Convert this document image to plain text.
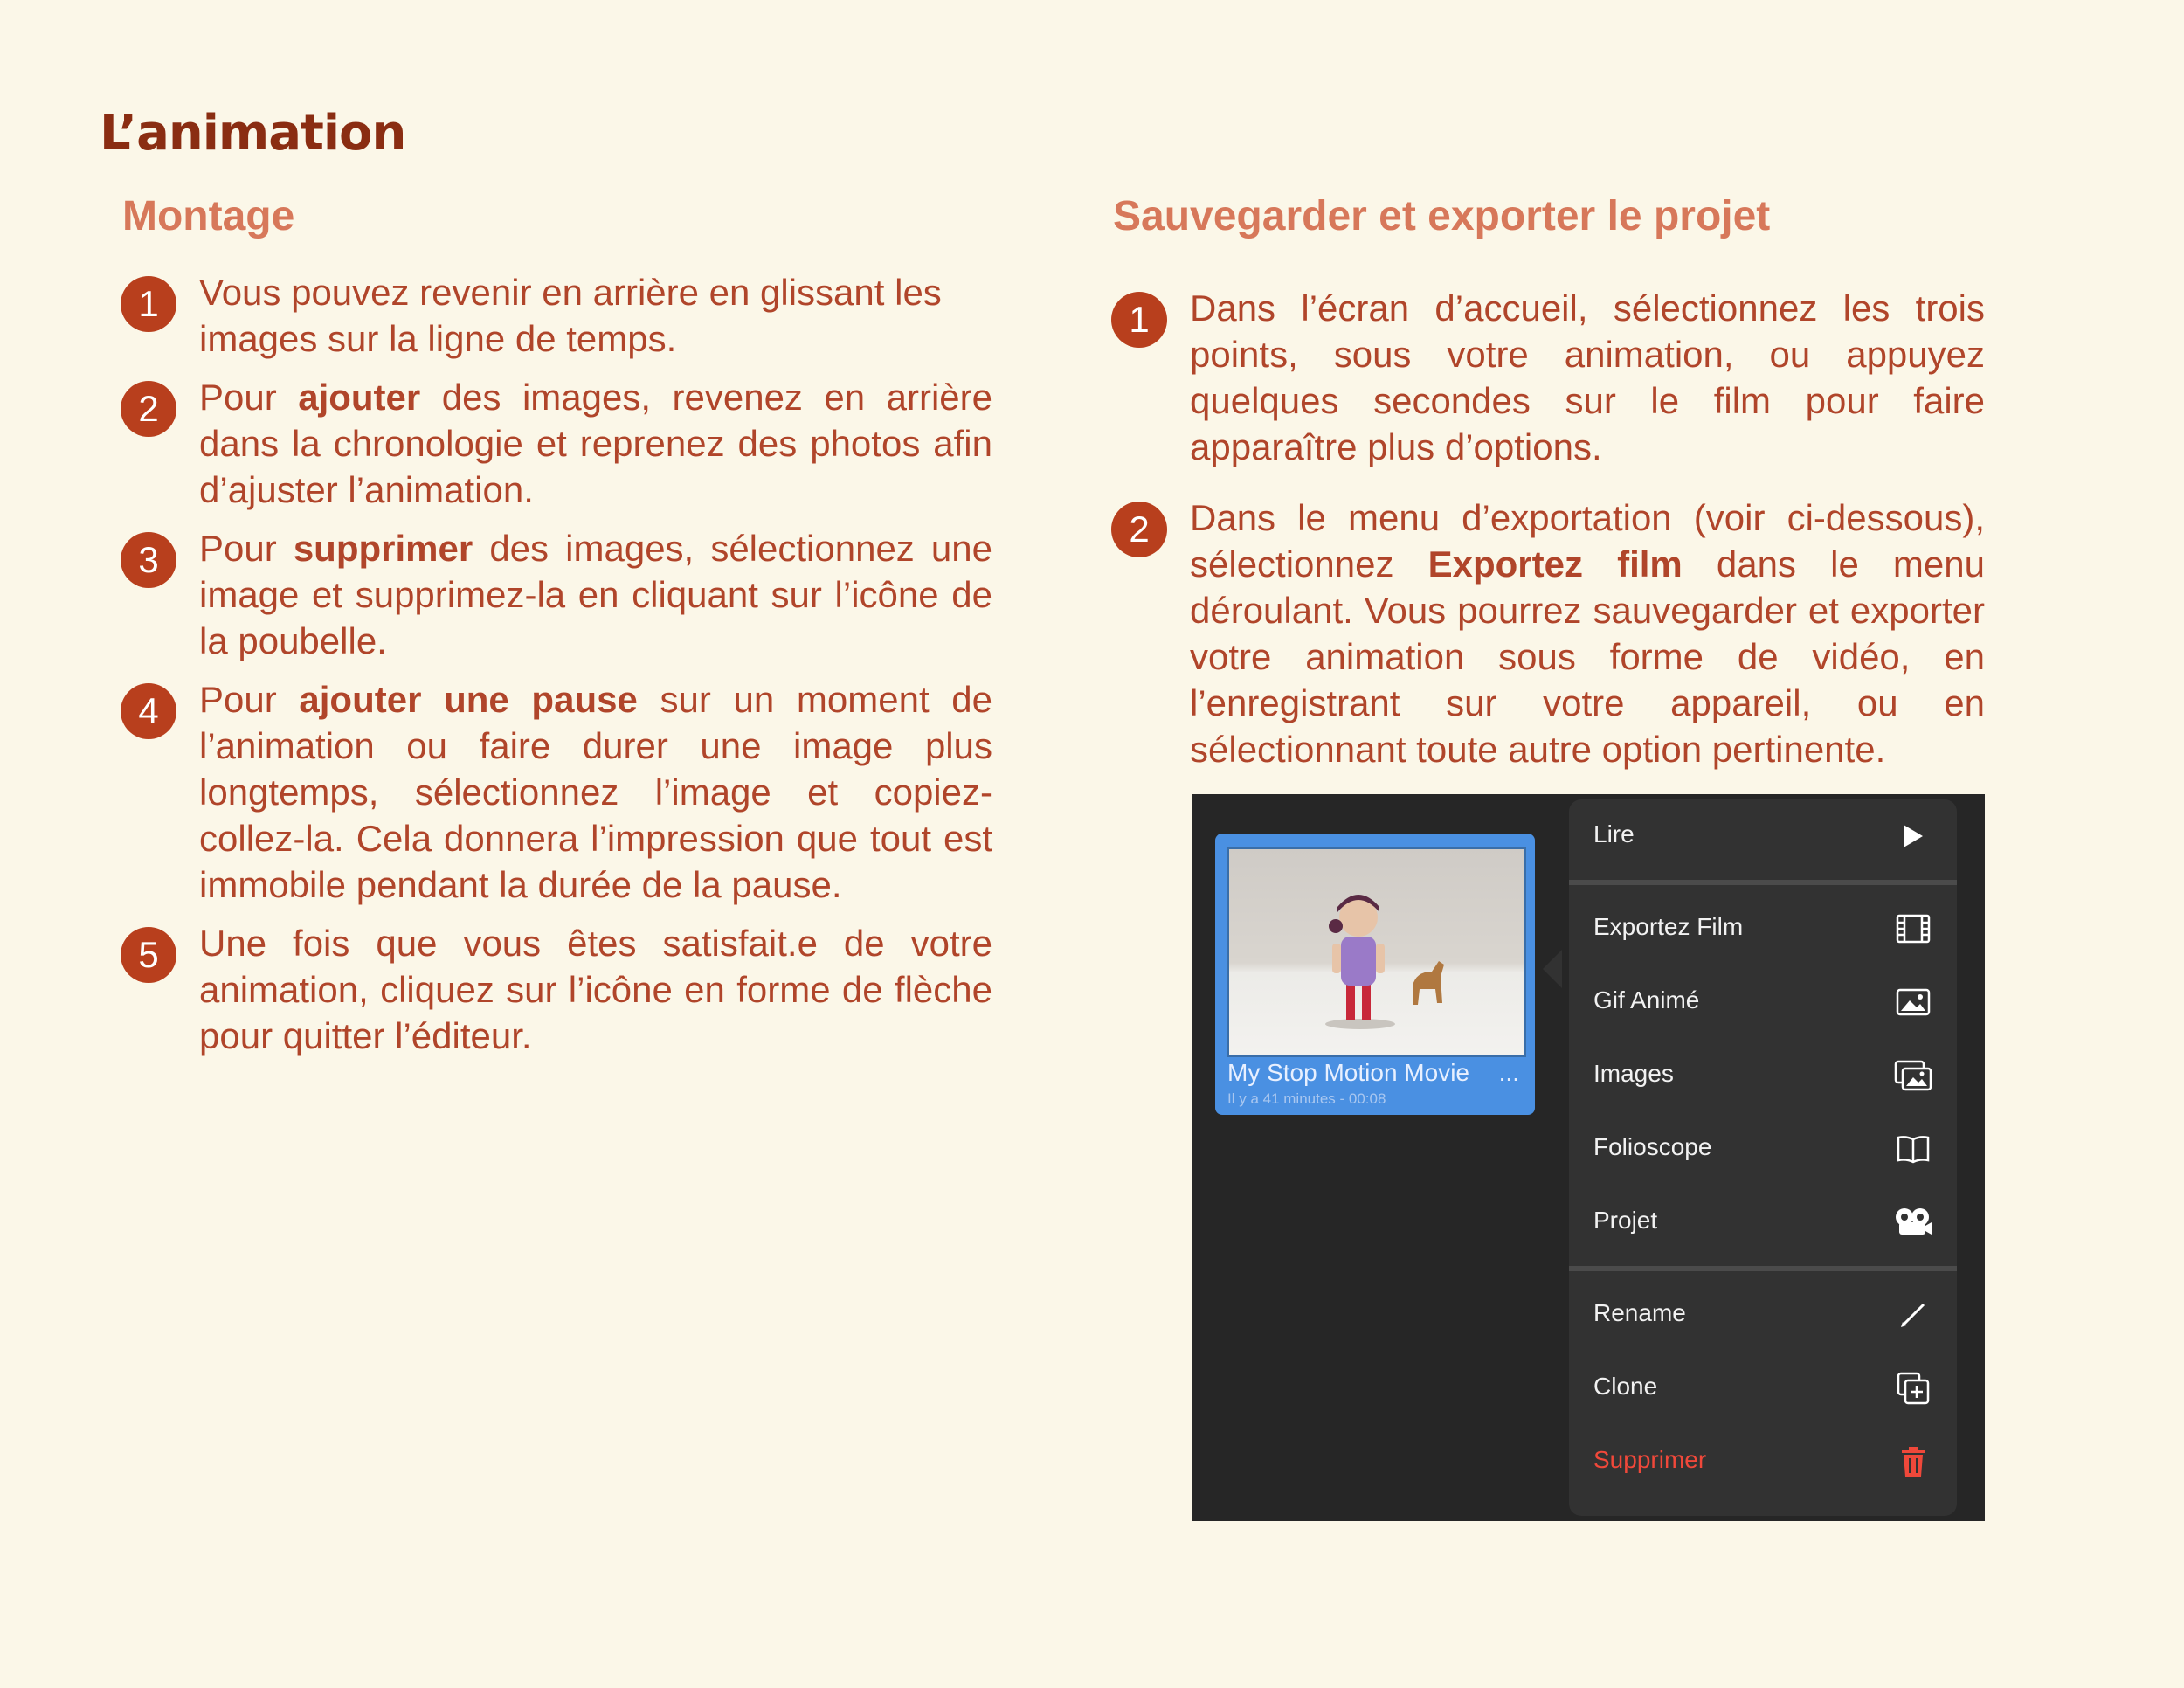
L’animation
Montage	Sauvegarder et exporter le projet
1	Vous pouvez revenir en arrière en glissant les images sur la ligne de temps.

2	Pour ajouter des images, revenez en arrière dans la chronologie et reprenez des photos afin d’ajuster l’animation.

3	Pour supprimer des images, sélectionnez une image et supprimez-la en cliquant sur l’icône de la poubelle.

4	Pour ajouter une pause sur un moment de l’animation ou faire durer une image plus longtemps, sélectionnez l’image et copiez-collez-la. Cela donnera l’impression que tout est immobile pendant la durée de la pause.

5	Une fois que vous êtes satisfait.e de votre animation, cliquez sur l’icône en forme de flèche pour quitter l’éditeur.

1	Dans l’écran d’accueil, sélectionnez les trois points, sous votre animation, ou appuyez quelques secondes sur le film pour faire apparaître plus d’options.

2	Dans le menu d’exportation (voir ci-dessous), sélectionnez Exportez film dans le menu déroulant. Vous pourrez sauvegarder et exporter votre animation sous forme de vidéo, en l’enregistrant sur votre appareil, ou en sélectionnant toute autre option pertinente.

My Stop Motion Movie ...
Il y a 41 minutes - 00:08
Lire
Exportez Film
Gif Animé
Images
Folioscope
Projet
Rename
Clone
Supprimer
